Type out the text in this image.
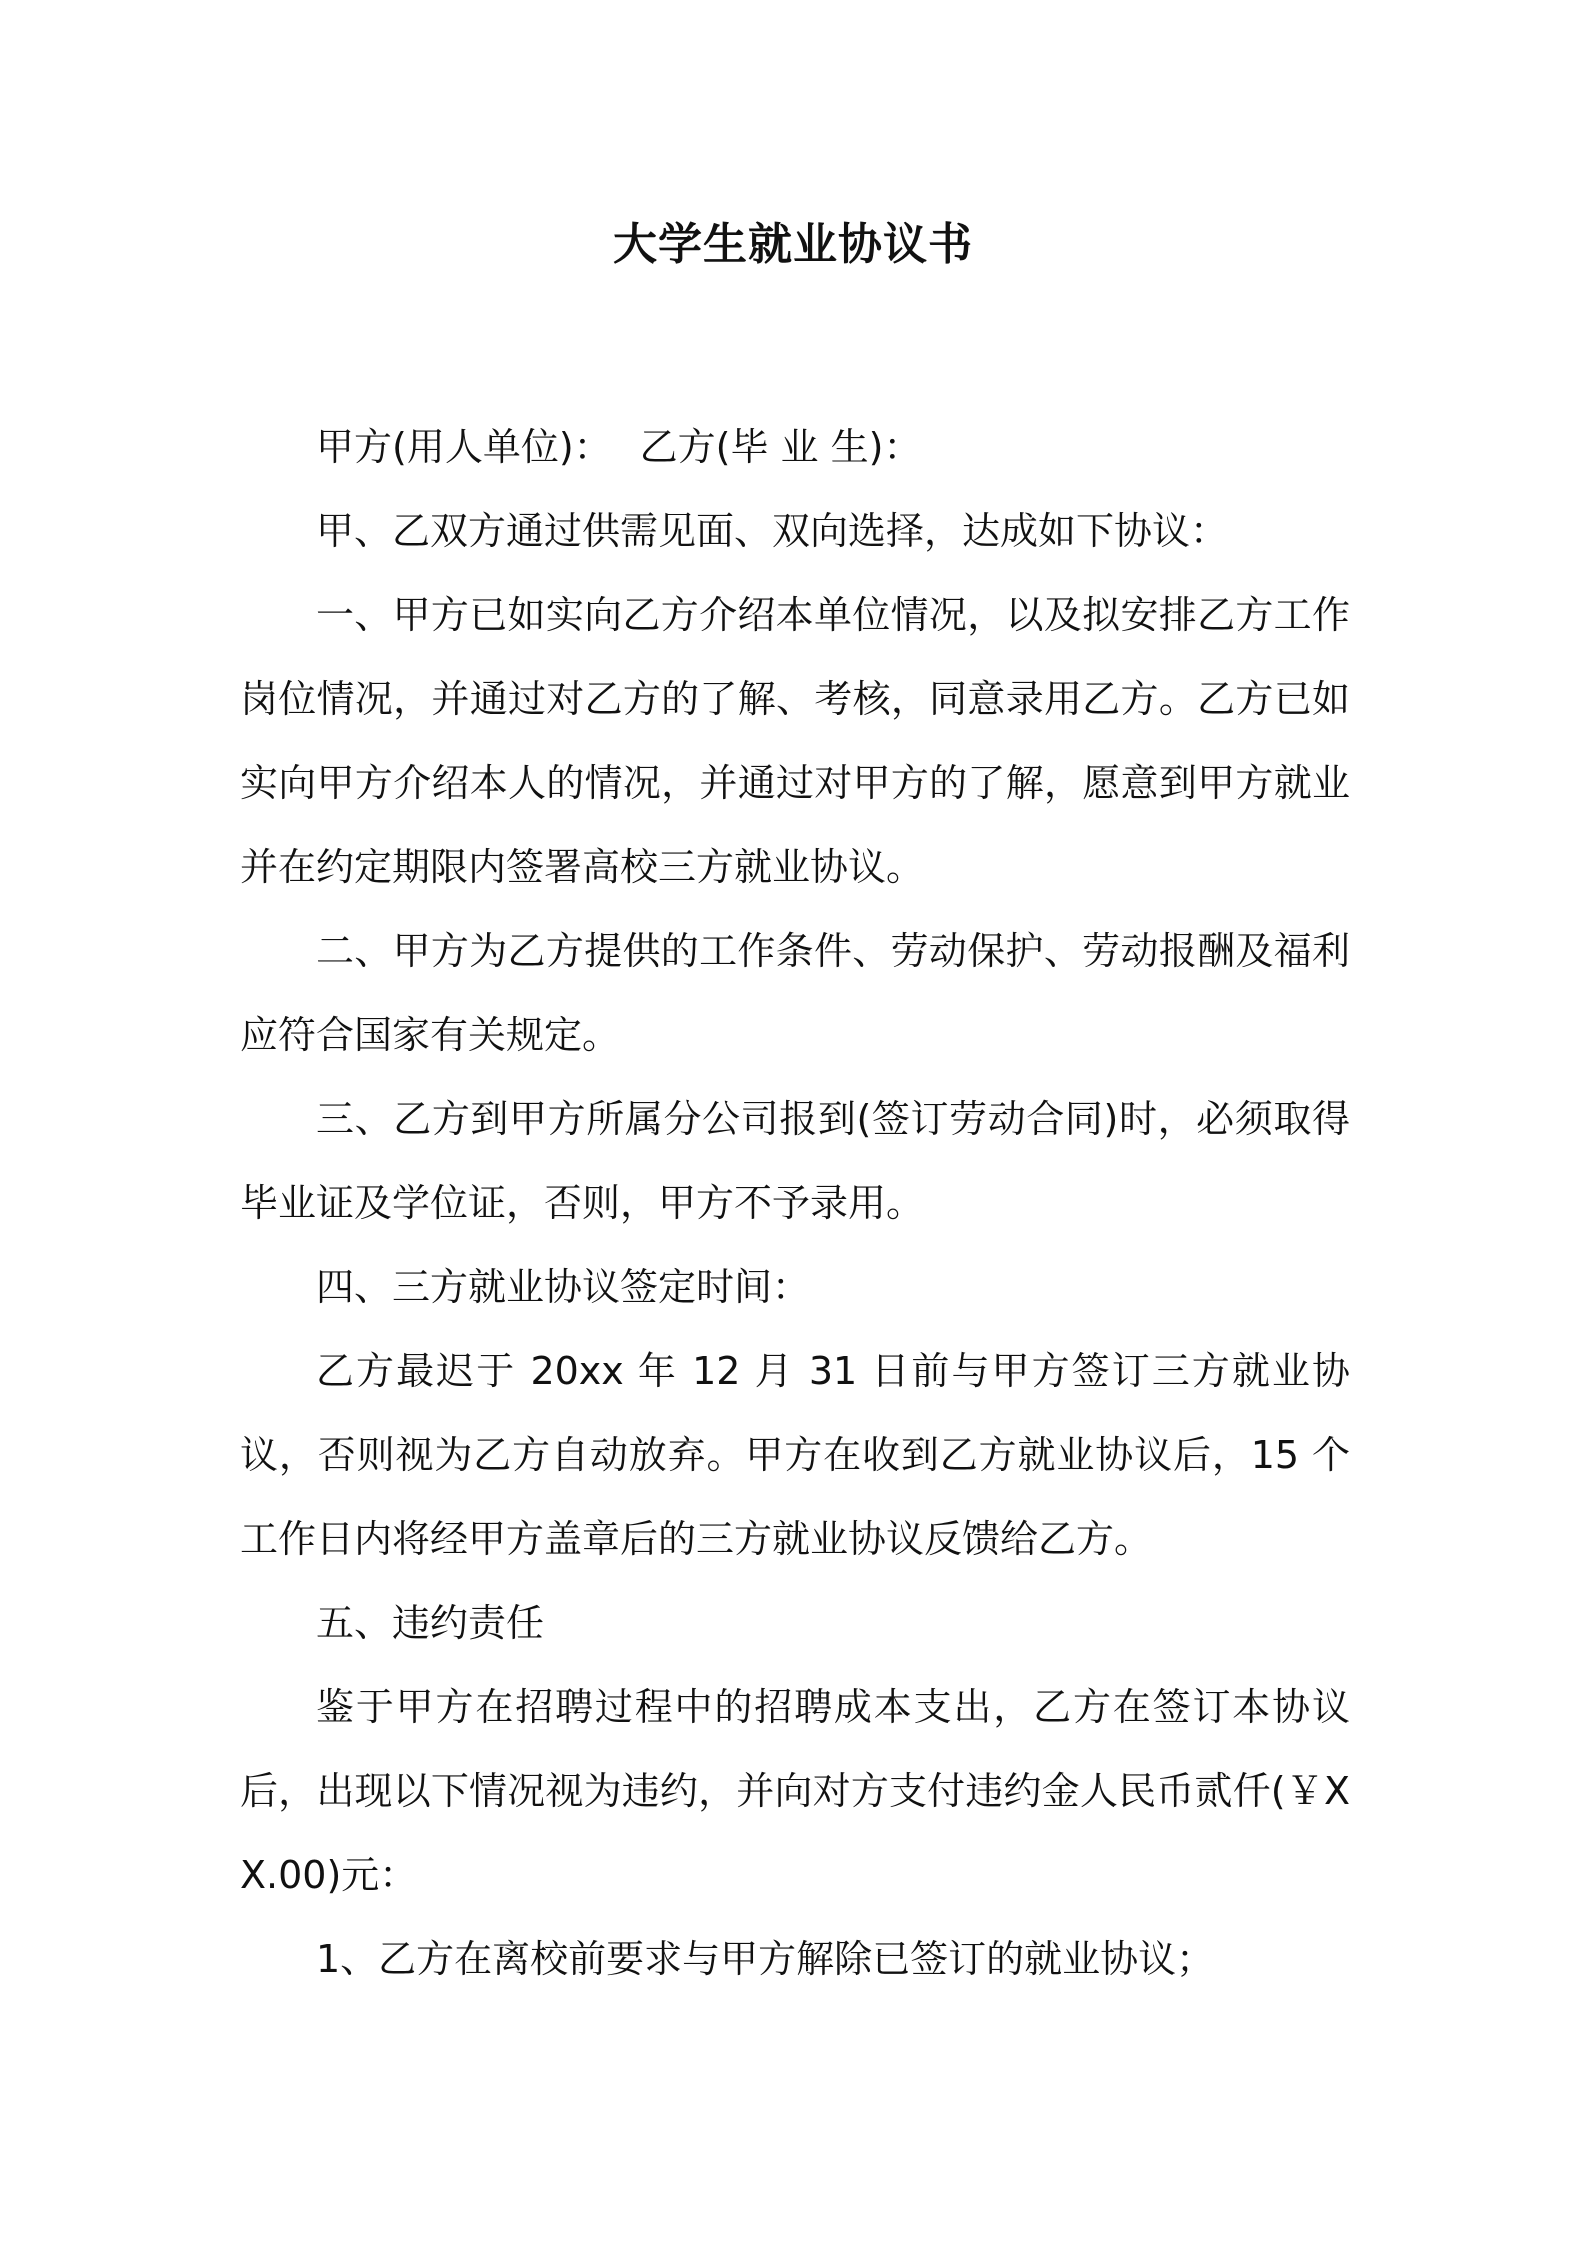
大学生就业协议书

甲方(用人单位)： 乙方(毕 业 生)：

甲、乙双方通过供需见面、双向选择，达成如下协议：

一、甲方已如实向乙方介绍本单位情况，以及拟安排乙方工作岗位情况，并通过对乙方的了解、考核，同意录用乙方。乙方已如实向甲方介绍本人的情况，并通过对甲方的了解，愿意到甲方就业并在约定期限内签署高校三方就业协议。

二、甲方为乙方提供的工作条件、劳动保护、劳动报酬及福利应符合国家有关规定。

三、乙方到甲方所属分公司报到(签订劳动合同)时，必须取得毕业证及学位证，否则，甲方不予录用。

四、三方就业协议签定时间：

乙方最迟于 20xx 年 12 月 31 日前与甲方签订三方就业协议，否则视为乙方自动放弃。甲方在收到乙方就业协议后，15 个工作日内将经甲方盖章后的三方就业协议反馈给乙方。

五、违约责任

鉴于甲方在招聘过程中的招聘成本支出，乙方在签订本协议后，出现以下情况视为违约，并向对方支付违约金人民币贰仟(￥XX.00)元：

1、乙方在离校前要求与甲方解除已签订的就业协议；
